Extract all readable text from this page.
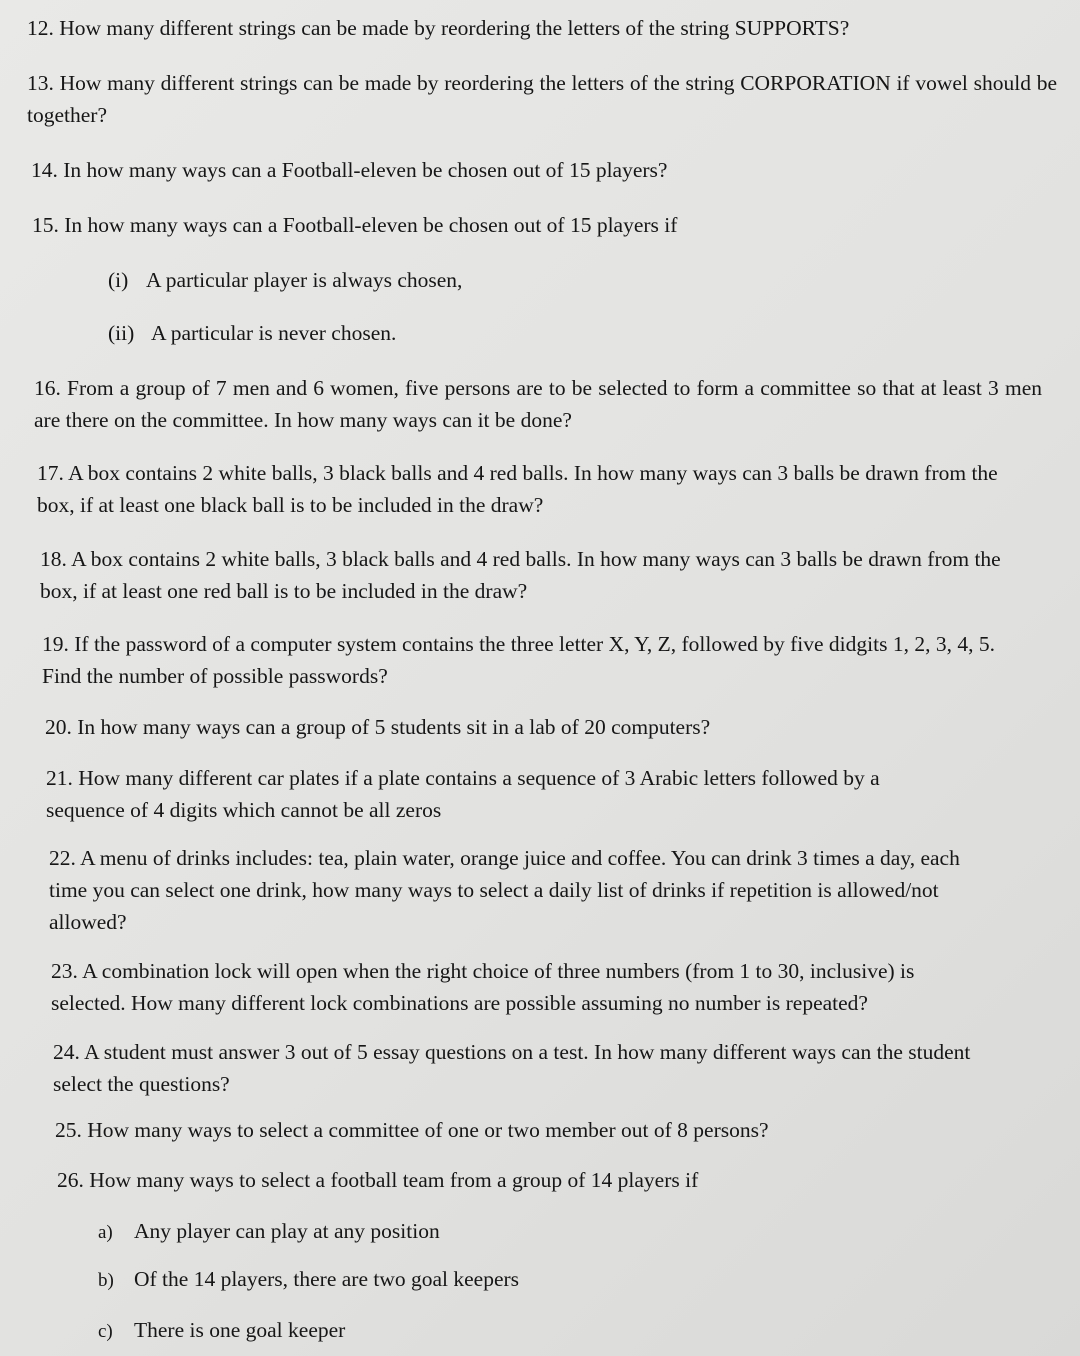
12. How many different strings can be made by reordering the letters of the string SUPPORTS?

13. How many different strings can be made by reordering the letters of the string CORPORATION if vowel should be together?

14. In how many ways can a Football-eleven be chosen out of 15 players?

15. In how many ways can a Football-eleven be chosen out of 15 players if

(i) A particular player is always chosen,

(ii) A particular is never chosen.

16. From a group of 7 men and 6 women, five persons are to be selected to form a committee so that at least 3 men are there on the committee. In how many ways can it be done?

17. A box contains 2 white balls, 3 black balls and 4 red balls. In how many ways can 3 balls be drawn from the box, if at least one black ball is to be included in the draw?

18. A box contains 2 white balls, 3 black balls and 4 red balls. In how many ways can 3 balls be drawn from the box, if at least one red ball is to be included in the draw?

19. If the password of a computer system contains the three letter X, Y, Z, followed by five didgits 1, 2, 3, 4, 5. Find the number of possible passwords?

20. In how many ways can a group of 5 students sit in a lab of 20 computers?

21. How many different car plates if a plate contains a sequence of 3 Arabic letters followed by a sequence of 4 digits which cannot be all zeros

22. A menu of drinks includes: tea, plain water, orange juice and coffee. You can drink 3 times a day, each time you can select one drink, how many ways to select a daily list of drinks if repetition is allowed/not allowed?

23. A combination lock will open when the right choice of three numbers (from 1 to 30, inclusive) is selected. How many different lock combinations are possible assuming no number is repeated?

24. A student must answer 3 out of 5 essay questions on a test. In how many different ways can the student select the questions?

25. How many ways to select a committee of one or two member out of 8 persons?

26. How many ways to select a football team from a group of 14 players if

a) Any player can play at any position

b) Of the 14 players, there are two goal keepers

c) There is one goal keeper
